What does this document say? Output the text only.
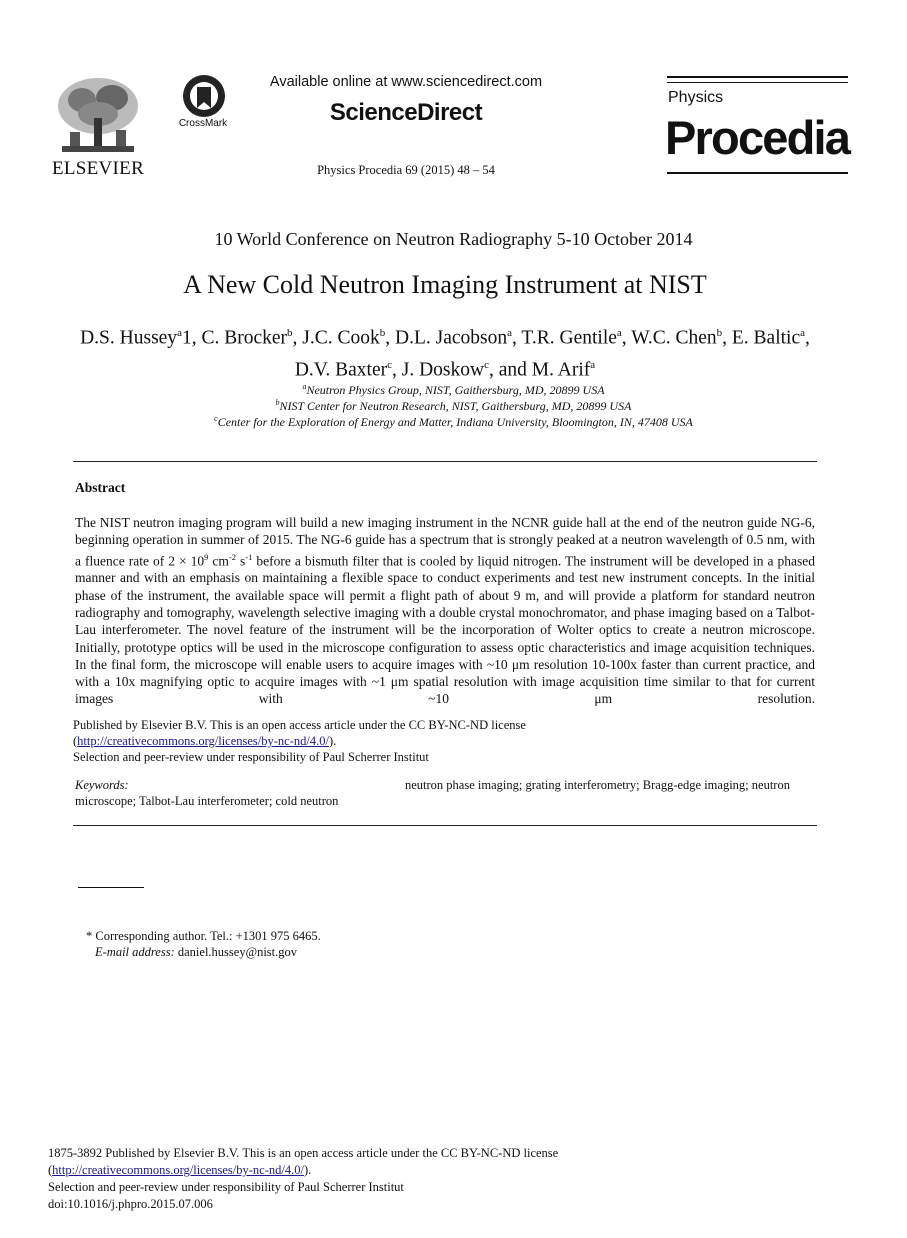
ELSEVIER
CrossMark
Available online at www.sciencedirect.com
ScienceDirect
Physics Procedia 69 (2015) 48 – 54
Physics
Procedia
10 World Conference on Neutron Radiography 5-10 October 2014
A New Cold Neutron Imaging Instrument at NIST
D.S. Hussey$^a$1, C. Brocker$^b$, J.C. Cook$^b$, D.L. Jacobson$^a$, T.R. Gentile$^a$, W.C. Chen$^b$, E. Baltic$^a$, D.V. Baxter$^c$, J. Doskow$^c$, and M. Arif$^a$
$^a$Neutron Physics Group, NIST, Gaithersburg, MD, 20899 USA
$^b$NIST Center for Neutron Research, NIST, Gaithersburg, MD, 20899 USA
$^c$Center for the Exploration of Energy and Matter, Indiana University, Bloomington, IN, 47408 USA
Abstract
The NIST neutron imaging program will build a new imaging instrument in the NCNR guide hall at the end of the neutron guide NG-6, beginning operation in summer of 2015. The NG-6 guide has a spectrum that is strongly peaked at a neutron wavelength of 0.5 nm, with a fluence rate of $2 \times 10^9$ $cm^{-2}$ $s^{-1}$ before a bismuth filter that is cooled by liquid nitrogen. The instrument will be developed in a phased manner and with an emphasis on maintaining a flexible space to conduct experiments and test new instrument concepts. In the initial phase of the instrument, the available space will permit a flight path of about 9 m, and will provide a platform for standard neutron radiography and tomography, wavelength selective imaging with a double crystal monochromator, and phase imaging based on a Talbot-Lau interferometer. The novel feature of the instrument will be the incorporation of Wolter optics to create a neutron microscope. Initially, prototype optics will be used in the microscope configuration to assess optic characteristics and image acquisition techniques. In the final form, the microscope will enable users to acquire images with ~10 μm resolution 10-100x faster than current practice, and with a 10x magnifying optic to acquire images with ~1 μm spatial resolution with image acquisition time similar to that for current images with ~10 μm resolution.
Published by Elsevier B.V. This is an open access article under the CC BY-NC-ND license
(http://creativecommons.org/licenses/by-nc-nd/4.0/).
Selection and peer-review under responsibility of Paul Scherrer Institut
Keywords:	neutron phase imaging; grating interferometry; Bragg-edge imaging; neutron
microscope; Talbot-Lau interferometer; cold neutron
* Corresponding author. Tel.: +1301 975 6465.
E-mail address: daniel.hussey@nist.gov
1875-3892 Published by Elsevier B.V. This is an open access article under the CC BY-NC-ND license
(http://creativecommons.org/licenses/by-nc-nd/4.0/).
Selection and peer-review under responsibility of Paul Scherrer Institut
doi:10.1016/j.phpro.2015.07.006
